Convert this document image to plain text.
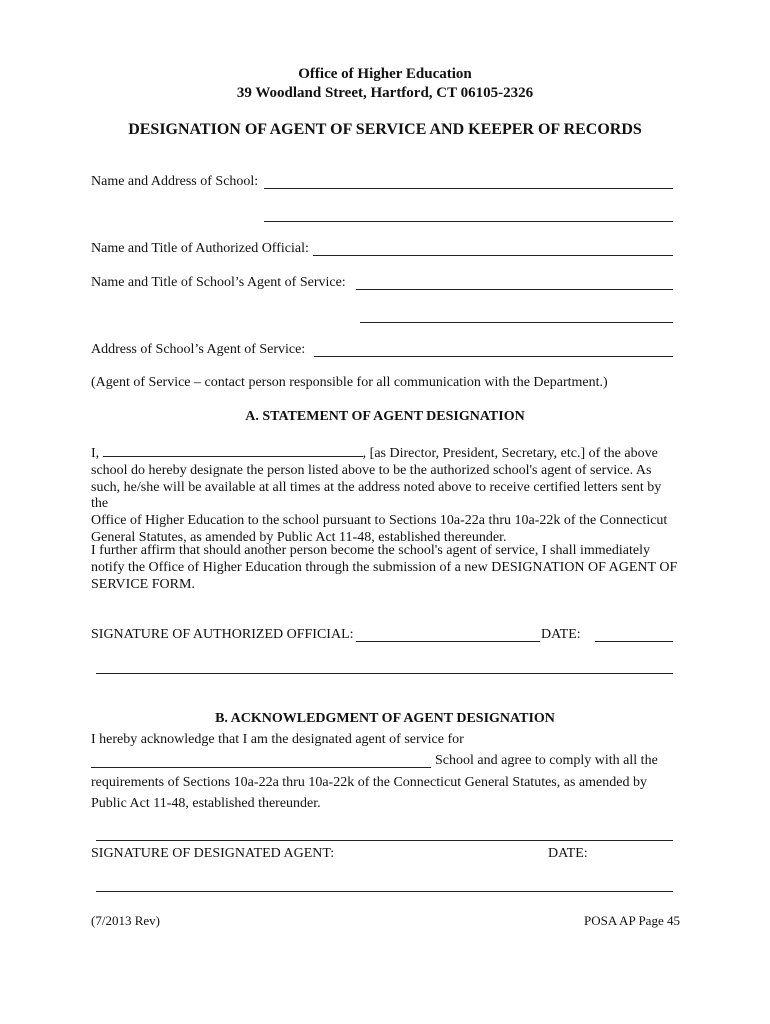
Office of Higher Education
39 Woodland Street, Hartford, CT 06105-2326
DESIGNATION OF AGENT OF SERVICE AND KEEPER OF RECORDS
Name and Address of School:
Name and Title of Authorized Official:
Name and Title of School’s Agent of Service:
Address of School’s Agent of Service:
(Agent of Service – contact person responsible for all communication with the Department.)
A. STATEMENT OF AGENT DESIGNATION

I,	, [as Director, President, Secretary, etc.] of the above

school do hereby designate the person listed above to be the authorized school's agent of service. As

such, he/she will be available at all times at the address noted above to receive certified letters sent by the

Office of Higher Education to the school pursuant to Sections 10a-22a thru 10a-22k of the Connecticut

General Statutes, as amended by Public Act 11-48, established thereunder.

I further affirm that should another person become the school's agent of service, I shall immediately

notify the Office of Higher Education through the submission of a new DESIGNATION OF AGENT OF

SERVICE FORM.

SIGNATURE OF AUTHORIZED OFFICIAL:	DATE:
B. ACKNOWLEDGMENT OF AGENT DESIGNATION
I hereby acknowledge that I am the designated agent of service for
School and agree to comply with all the
requirements of Sections 10a-22a thru 10a-22k of the Connecticut General Statutes, as amended by
Public Act 11-48, established thereunder.
SIGNATURE OF DESIGNATED AGENT:	DATE:
(7/2013 Rev)	POSA AP Page 45
